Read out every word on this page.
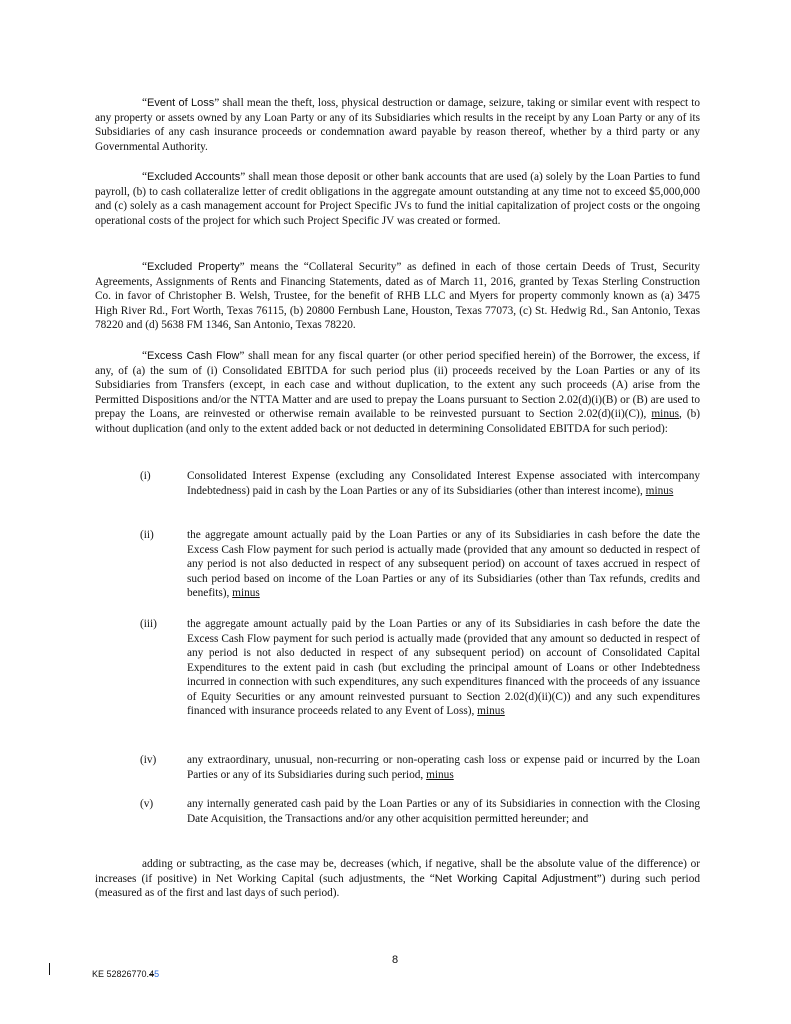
“Event of Loss” shall mean the theft, loss, physical destruction or damage, seizure, taking or similar event with respect to any property or assets owned by any Loan Party or any of its Subsidiaries which results in the receipt by any Loan Party or any of its Subsidiaries of any cash insurance proceeds or condemnation award payable by reason thereof, whether by a third party or any Governmental Authority.

“Excluded Accounts” shall mean those deposit or other bank accounts that are used (a) solely by the Loan Parties to fund payroll, (b) to cash collateralize letter of credit obligations in the aggregate amount outstanding at any time not to exceed $5,000,000 and (c) solely as a cash management account for Project Specific JVs to fund the initial capitalization of project costs or the ongoing operational costs of the project for which such Project Specific JV was created or formed.

“Excluded Property” means the “Collateral Security” as defined in each of those certain Deeds of Trust, Security Agreements, Assignments of Rents and Financing Statements, dated as of March 11, 2016, granted by Texas Sterling Construction Co. in favor of Christopher B. Welsh, Trustee, for the benefit of RHB LLC and Myers for property commonly known as (a) 3475 High River Rd., Fort Worth, Texas 76115, (b) 20800 Fernbush Lane, Houston, Texas 77073, (c) St. Hedwig Rd., San Antonio, Texas 78220 and (d) 5638 FM 1346, San Antonio, Texas 78220.

“Excess Cash Flow” shall mean for any fiscal quarter (or other period specified herein) of the Borrower, the excess, if any, of (a) the sum of (i) Consolidated EBITDA for such period plus (ii) proceeds received by the Loan Parties or any of its Subsidiaries from Transfers (except, in each case and without duplication, to the extent any such proceeds (A) arise from the Permitted Dispositions and/or the NTTA Matter and are used to prepay the Loans pursuant to Section 2.02(d)(i)(B) or (B) are used to prepay the Loans, are reinvested or otherwise remain available to be reinvested pursuant to Section 2.02(d)(ii)(C)), minus, (b) without duplication (and only to the extent added back or not deducted in determining Consolidated EBITDA for such period):

(i)	Consolidated Interest Expense (excluding any Consolidated Interest Expense associated with intercompany Indebtedness) paid in cash by the Loan Parties or any of its Subsidiaries (other than interest income), minus
(ii)	the aggregate amount actually paid by the Loan Parties or any of its Subsidiaries in cash before the date the Excess Cash Flow payment for such period is actually made (provided that any amount so deducted in respect of any period is not also deducted in respect of any subsequent period) on account of taxes accrued in respect of such period based on income of the Loan Parties or any of its Subsidiaries (other than Tax refunds, credits and benefits), minus
(iii)	the aggregate amount actually paid by the Loan Parties or any of its Subsidiaries in cash before the date the Excess Cash Flow payment for such period is actually made (provided that any amount so deducted in respect of any period is not also deducted in respect of any subsequent period) on account of Consolidated Capital Expenditures to the extent paid in cash (but excluding the principal amount of Loans or other Indebtedness incurred in connection with such expenditures, any such expenditures financed with the proceeds of any issuance of Equity Securities or any amount reinvested pursuant to Section 2.02(d)(ii)(C)) and any such expenditures financed with insurance proceeds related to any Event of Loss), minus
(iv)	any extraordinary, unusual, non-recurring or non-operating cash loss or expense paid or incurred by the Loan Parties or any of its Subsidiaries during such period, minus
(v)	any internally generated cash paid by the Loan Parties or any of its Subsidiaries in connection with the Closing Date Acquisition, the Transactions and/or any other acquisition permitted hereunder; and

adding or subtracting, as the case may be, decreases (which, if negative, shall be the absolute value of the difference) or increases (if positive) in Net Working Capital (such adjustments, the “Net Working Capital Adjustment”) during such period (measured as of the first and last days of such period).

8
KE 52826770.45
